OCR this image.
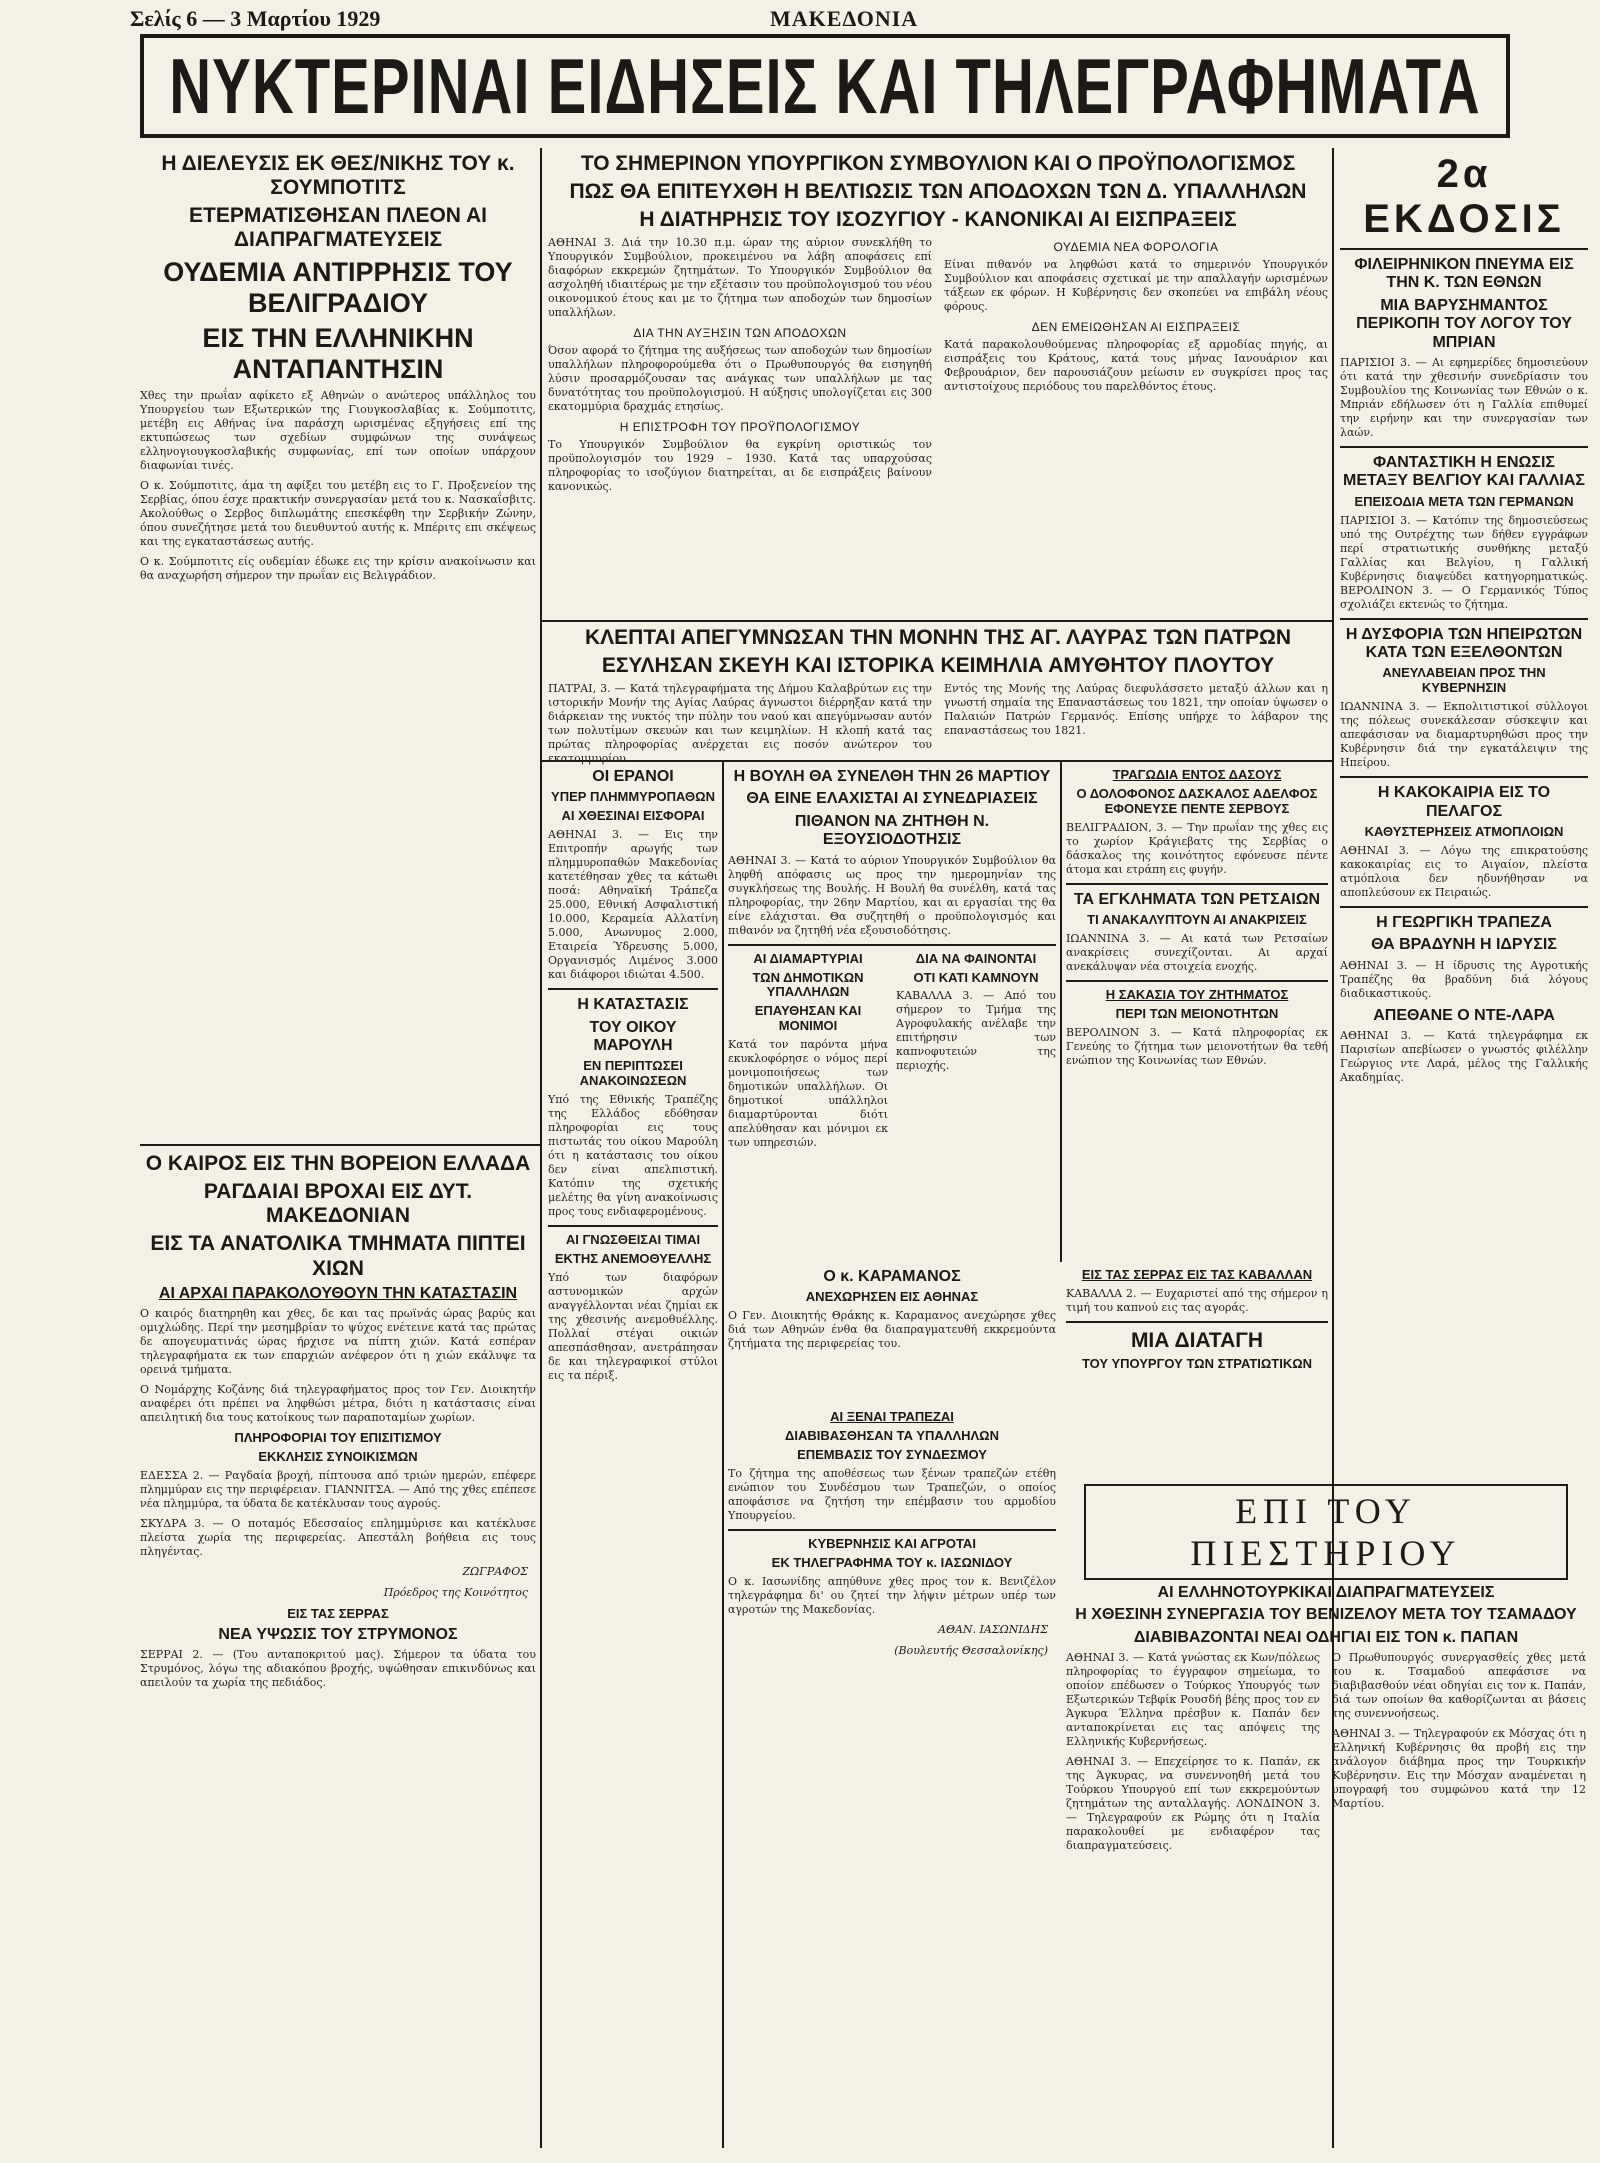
Σελίς 6 — 3 Μαρτίου 1929	ΜΑΚΕΔΟΝΙΑ
ΝΥΚΤΕΡΙΝΑΙ ΕΙΔΗΣΕΙΣ ΚΑΙ ΤΗΛΕΓΡΑΦΗΜΑΤΑ
Η ΔΙΕΛΕΥΣΙΣ ΕΚ ΘΕΣ/ΝΙΚΗΣ ΤΟΥ κ. ΣΟΥΜΠΟΤΙΤΣ
ΕΤΕΡΜΑΤΙΣΘΗΣΑΝ ΠΛΕΟΝ ΑΙ ΔΙΑΠΡΑΓΜΑΤΕΥΣΕΙΣ
ΟΥΔΕΜΙΑ ΑΝΤΙΡΡΗΣΙΣ ΤΟΥ ΒΕΛΙΓΡΑΔΙΟΥ
ΕΙΣ ΤΗΝ ΕΛΛΗΝΙΚΗΝ ΑΝΤΑΠΑΝΤΗΣΙΝ

Χθες την πρωΐαν αφίκετο εξ Αθηνών ο ανώτερος υπάλληλος του Υπουργείου των Εξωτερικών της Γιουγκοσλαβίας κ. Σούμποτιτς, μετέβη εις Αθήνας ίνα παράσχη ωρισμένας εξηγήσεις επί της εκτυπώσεως των σχεδίων συμφώνων της συνάψεως ελληνογιουγκοσλαβικής συμφωνίας, επί των οποίων υπάρχουν διαφωνίαι τινές.

Ο κ. Σούμποτιτς, άμα τη αφίξει του μετέβη εις το Γ. Προξενείον της Σερβίας, όπου έσχε πρακτικήν συνεργασίαν μετά του κ. Νασκαΐσβιτς. Ακολούθως ο Σερβος διπλωμάτης επεσκέφθη την Σερβικήν Ζώνην, όπου συνεζήτησε μετά του διευθυντού αυτής κ. Μπέριτς επι σκέψεως και της εγκαταστάσεως αυτής.

Ο κ. Σούμποτιτς είς ουδεμίαν έδωκε εις την κρίσιν ανακοίνωσιν και θα αναχωρήση σήμερον την πρωΐαν εις Βελιγράδιον.

Ο ΚΑΙΡΟΣ ΕΙΣ ΤΗΝ ΒΟΡΕΙΟΝ ΕΛΛΑΔΑ
ΡΑΓΔΑΙΑΙ ΒΡΟΧΑΙ ΕΙΣ ΔΥΤ. ΜΑΚΕΔΟΝΙΑΝ
ΕΙΣ ΤΑ ΑΝΑΤΟΛΙΚΑ ΤΜΗΜΑΤΑ ΠΙΠΤΕΙ ΧΙΩΝ
ΑΙ ΑΡΧΑΙ ΠΑΡΑΚΟΛΟΥΘΟΥΝ ΤΗΝ ΚΑΤΑΣΤΑΣΙΝ

Ο καιρός διατηρηθη και χθες, δε και τας πρωϊνάς ώρας βαρύς και ομιχλώδης. Περί την μεσημβρίαν το ψύχος ενέτεινε κατά τας πρώτας δε απογευματινάς ώρας ήρχισε να πίπτη χιών. Κατά εσπέραν τηλεγραφήματα εκ των επαρχιών ανέφερον ότι η χιών εκάλυψε τα ορεινά τμήματα.

Ο Νομάρχης Κοζάνης διά τηλεγραφήματος προς τον Γεν. Διοικητήν αναφέρει ότι πρέπει να ληφθώσι μέτρα, διότι η κατάστασις είναι απειλητική δια τους κατοίκους των παραποταμίων χωρίων.

ΠΛΗΡΟΦΟΡΙΑΙ ΤΟΥ ΕΠΙΣΙΤΙΣΜΟΥ
ΕΚΚΛΗΣΙΣ ΣΥΝΟΙΚΙΣΜΩΝ

ΕΔΕΣΣΑ 2. — Ραγδαία βροχή, πίπτουσα από τριών ημερών, επέφερε πλημμύραν εις την περιφέρειαν. ΓΙΑΝΝΙΤΣΑ. — Από της χθες επέπεσε νέα πλημμύρα, τα ύδατα δε κατέκλυσαν τους αγρούς.

ΣΚΥΔΡΑ 3. — Ο ποταμός Εδεσσαίος επλημμύρισε και κατέκλυσε πλείστα χωρία της περιφερείας. Απεστάλη βοήθεια εις τους πληγέντας.

ΖΩΓΡΑΦΟΣ
Πρόεδρος της Κοινότητος
ΕΙΣ ΤΑΣ ΣΕΡΡΑΣ
ΝΕΑ ΥΨΩΣΙΣ ΤΟΥ ΣΤΡΥΜΟΝΟΣ

ΣΕΡΡΑΙ 2. — (Του ανταποκριτού μας). Σήμερον τα ύδατα του Στρυμόνος, λόγω της αδιακόπου βροχής, υψώθησαν επικινδύνως και απειλούν τα χωρία της πεδιάδος.

ΤΟ ΣΗΜΕΡΙΝΟΝ ΥΠΟΥΡΓΙΚΟΝ ΣΥΜΒΟΥΛΙΟΝ ΚΑΙ Ο ΠΡΟΫΠΟΛΟΓΙΣΜΟΣ
ΠΩΣ ΘΑ ΕΠΙΤΕΥΧΘΗ Η ΒΕΛΤΙΩΣΙΣ ΤΩΝ ΑΠΟΔΟΧΩΝ ΤΩΝ Δ. ΥΠΑΛΛΗΛΩΝ
Η ΔΙΑΤΗΡΗΣΙΣ ΤΟΥ ΙΣΟΖΥΓΙΟΥ - ΚΑΝΟΝΙΚΑΙ ΑΙ ΕΙΣΠΡΑΞΕΙΣ

ΑΘΗΝΑΙ 3. Διά την 10.30 π.μ. ώραν της αύριον συνεκλήθη το Υπουργικόν Συμβούλιον, προκειμένου να λάβη αποφάσεις επί διαφόρων εκκρεμών ζητημάτων. Το Υπουργικόν Συμβούλιον θα ασχοληθή ιδιαιτέρως με την εξέτασιν του προϋπολογισμού του νέου οικονομικού έτους και με το ζήτημα των αποδοχών των δημοσίων υπαλλήλων.

ΔΙΑ ΤΗΝ ΑΥΞΗΣΙΝ ΤΩΝ ΑΠΟΔΟΧΩΝ

Όσον αφορά το ζήτημα της αυξήσεως των αποδοχών των δημοσίων υπαλλήλων πληροφορούμεθα ότι ο Πρωθυπουργός θα εισηγηθή λύσιν προσαρμόζουσαν τας ανάγκας των υπαλλήλων με τας δυνατότητας του προϋπολογισμού. Η αύξησις υπολογίζεται εις 300 εκατομμύρια δραχμάς ετησίως.

Η ΕΠΙΣΤΡΟΦΗ ΤΟΥ ΠΡΟΫΠΟΛΟΓΙΣΜΟΥ

Το Υπουργικόν Συμβούλιον θα εγκρίνη οριστικώς τον προϋπολογισμόν του 1929 – 1930. Κατά τας υπαρχούσας πληροφορίας το ισοζύγιον διατηρείται, αι δε εισπράξεις βαίνουν κανονικώς.

ΟΥΔΕΜΙΑ ΝΕΑ ΦΟΡΟΛΟΓΙΑ

Είναι πιθανόν να ληφθώσι κατά το σημερινόν Υπουργικόν Συμβούλιον και αποφάσεις σχετικαί με την απαλλαγήν ωρισμένων τάξεων εκ φόρων. Η Κυβέρνησις δεν σκοπεύει να επιβάλη νέους φόρους.

ΔΕΝ ΕΜΕΙΩΘΗΣΑΝ ΑΙ ΕΙΣΠΡΑΞΕΙΣ

Κατά παρακολουθούμενας πληροφορίας εξ αρμοδίας πηγής, αι εισπράξεις του Κράτους, κατά τους μήνας Ιανουάριον και Φεβρουάριον, δεν παρουσιάζουν μείωσιν εν συγκρίσει προς τας αντιστοίχους περιόδους του παρελθόντος έτους.

ΚΛΕΠΤΑΙ ΑΠΕΓΥΜΝΩΣΑΝ ΤΗΝ ΜΟΝΗΝ ΤΗΣ ΑΓ. ΛΑΥΡΑΣ ΤΩΝ ΠΑΤΡΩΝ
ΕΣΥΛΗΣΑΝ ΣΚΕΥΗ ΚΑΙ ΙΣΤΟΡΙΚΑ ΚΕΙΜΗΛΙΑ ΑΜΥΘΗΤΟΥ ΠΛΟΥΤΟΥ

ΠΑΤΡΑΙ, 3. — Κατά τηλεγραφήματα της Δήμου Καλαβρύτων εις την ιστορικήν Μονήν της Αγίας Λαύρας άγνωστοι διέρρηξαν κατά την διάρκειαν της νυκτός την πύλην του ναού και απεγύμνωσαν αυτόν των πολυτίμων σκευών και των κειμηλίων. Η κλοπή κατά τας πρώτας πληροφορίας ανέρχεται εις ποσόν ανώτερον του εκατομμυρίου.

Εντός της Μονής της Λαύρας διεφυλάσσετο μεταξύ άλλων και η γνωστή σημαία της Επαναστάσεως του 1821, την οποίαν ύψωσεν ο Παλαιών Πατρών Γερμανός. Επίσης υπήρχε το λάβαρον της επαναστάσεως του 1821.

ΟΙ ΕΡΑΝΟΙ
ΥΠΕΡ ΠΛΗΜΜΥΡΟΠΑΘΩΝ
ΑΙ ΧΘΕΣΙΝΑΙ ΕΙΣΦΟΡΑΙ

ΑΘΗΝΑΙ 3. — Εις την Επιτροπήν αρωγής των πλημμυροπαθών Μακεδονίας κατετέθησαν χθες τα κάτωθι ποσά: Αθηναϊκή Τράπεζα 25.000, Εθνική Ασφαλιστική 10.000, Κεραμεία Αλλατίνη 5.000, Ανωνυμος 2.000, Εταιρεία Ύδρευσης 5.000, Οργανισμός Λιμένος 3.000 και διάφοροι ιδιώται 4.500.

Η ΚΑΤΑΣΤΑΣΙΣ
ΤΟΥ ΟΙΚΟΥ ΜΑΡΟΥΛΗ
ΕΝ ΠΕΡΙΠΤΩΣΕΙ ΑΝΑΚΟΙΝΩΣΕΩΝ

Υπό της Εθνικής Τραπέζης της Ελλάδος εδόθησαν πληροφορίαι εις τους πιστωτάς του οίκου Μαρούλη ότι η κατάστασις του οίκου δεν είναι απελπιστική. Κατόπιν της σχετικής μελέτης θα γίνη ανακοίνωσις προς τους ενδιαφερομένους.

ΑΙ ΓΝΩΣΘΕΙΣΑΙ ΤΙΜΑΙ
ΕΚΤΗΣ ΑΝΕΜΟΘΥΕΛΛΗΣ

Υπό των διαφόρων αστυνομικών αρχών αναγγέλλονται νέαι ζημίαι εκ της χθεσινής ανεμοθυέλλης. Πολλαί στέγαι οικιών απεσπάσθησαν, ανετράπησαν δε και τηλεγραφικοί στύλοι εις τα πέριξ.

Η ΒΟΥΛΗ ΘΑ ΣΥΝΕΛΘΗ ΤΗΝ 26 ΜΑΡΤΙΟΥ
ΘΑ ΕΙΝΕ ΕΛΑΧΙΣΤΑΙ ΑΙ ΣΥΝΕΔΡΙΑΣΕΙΣ
ΠΙΘΑΝΟΝ ΝΑ ΖΗΤΗΘΗ Ν. ΕΞΟΥΣΙΟΔΟΤΗΣΙΣ

ΑΘΗΝΑΙ 3. — Κατά το αύριον Υπουργικόν Συμβούλιον θα ληφθή απόφασις ως προς την ημερομηνίαν της συγκλήσεως της Βουλής. Η Βουλή θα συνέλθη, κατά τας πληροφορίας, την 26ην Μαρτίου, και αι εργασίαι της θα είνε ελάχισται. Θα συζητηθή ο προϋπολογισμός και πιθανόν να ζητηθή νέα εξουσιοδότησις.

ΑΙ ΔΙΑΜΑΡΤΥΡΙΑΙ
ΤΩΝ ΔΗΜΟΤΙΚΩΝ ΥΠΑΛΛΗΛΩΝ
ΕΠΑΥΘΗΣΑΝ ΚΑΙ ΜΟΝΙΜΟΙ

Κατά τον παρόντα μήνα εκυκλοφόρησε ο νόμος περί μονιμοποιήσεως των δημοτικών υπαλλήλων. Οι δημοτικοί υπάλληλοι διαμαρτύρονται διότι απελύθησαν και μόνιμοι εκ των υπηρεσιών.

ΔΙΑ ΝΑ ΦΑΙΝΟΝΤΑΙ
ΟΤΙ ΚΑΤΙ ΚΑΜΝΟΥΝ

ΚΑΒΑΛΛΑ 3. — Από του σήμερον το Τμήμα της Αγροφυλακής ανέλαβε την επιτήρησιν των καπνοφυτειών της περιοχής.

Ο κ. ΚΑΡΑΜΑΝΟΣ
ΑΝΕΧΩΡΗΣΕΝ ΕΙΣ ΑΘΗΝΑΣ

Ο Γεν. Διοικητής Θράκης κ. Καραμανος ανεχώρησε χθες διά των Αθηνών ένθα θα διαπραγματευθή εκκρεμούντα ζητήματα της περιφερείας του.

ΑΙ ΞΕΝΑΙ ΤΡΑΠΕΖΑΙ
ΔΙΑΒΙΒΑΣΘΗΣΑΝ ΤΑ ΥΠΑΛΛΗΛΩΝ
ΕΠΕΜΒΑΣΙΣ ΤΟΥ ΣΥΝΔΕΣΜΟΥ

Το ζήτημα της αποθέσεως των ξένων τραπεζών ετέθη ενώπιον του Συνδέσμου των Τραπεζών, ο οποίος αποφάσισε να ζητήση την επέμβασιν του αρμοδίου Υπουργείου.

ΚΥΒΕΡΝΗΣΙΣ ΚΑΙ ΑΓΡΟΤΑΙ
ΕΚ ΤΗΛΕΓΡΑΦΗΜΑ ΤΟΥ κ. ΙΑΣΩΝΙΔΟΥ

Ο κ. Ιασωνίδης απηύθυνε χθες προς τον κ. Βενιζέλον τηλεγράφημα δι' ου ζητεί την λήψιν μέτρων υπέρ των αγροτών της Μακεδονίας.

ΑΘΑΝ. ΙΑΣΩΝΙΔΗΣ
(Βουλευτής Θεσσαλονίκης)
ΤΡΑΓΩΔΙΑ ΕΝΤΟΣ ΔΑΣΟΥΣ
Ο ΔΟΛΟΦΟΝΟΣ ΔΑΣΚΑΛΟΣ ΑΔΕΛΦΟΣ ΕΦΟΝΕΥΣΕ ΠΕΝΤΕ ΣΕΡΒΟΥΣ

ΒΕΛΙΓΡΑΔΙΟΝ, 3. — Την πρωΐαν της χθες εις το χωρίον Κράγιεβατς της Σερβίας ο δάσκαλος της κοινότητος εφόνευσε πέντε άτομα και ετράπη εις φυγήν.

ΤΑ ΕΓΚΛΗΜΑΤΑ ΤΩΝ ΡΕΤΣΑΙΩΝ
ΤΙ ΑΝΑΚΑΛΥΠΤΟΥΝ ΑΙ ΑΝΑΚΡΙΣΕΙΣ

ΙΩΑΝΝΙΝΑ 3. — Αι κατά των Ρετσαίων ανακρίσεις συνεχίζονται. Αι αρχαί ανεκάλυψαν νέα στοιχεία ενοχής.

Η ΣΑΚΑΣΙΑ ΤΟΥ ΖΗΤΗΜΑΤΟΣ
ΠΕΡΙ ΤΩΝ ΜΕΙΟΝΟΤΗΤΩΝ

ΒΕΡΟΛΙΝΟΝ 3. — Κατά πληροφορίας εκ Γενεύης το ζήτημα των μειονοτήτων θα τεθή ενώπιον της Κοινωνίας των Εθνών.

ΕΙΣ ΤΑΣ ΣΕΡΡΑΣ ΕΙΣ ΤΑΣ ΚΑΒΑΛΛΑΝ

ΚΑΒΑΛΛΑ 2. — Ευχαριστεί από της σήμερον η τιμή του καπνού εις τας αγοράς.

ΜΙΑ ΔΙΑΤΑΓΗ
ΤΟΥ ΥΠΟΥΡΓΟΥ ΤΩΝ ΣΤΡΑΤΙΩΤΙΚΩΝ
ΕΠΙ ΤΟΥ ΠΙΕΣΤΗΡΙΟΥ
ΑΙ ΕΛΛΗΝΟΤΟΥΡΚΙΚΑΙ ΔΙΑΠΡΑΓΜΑΤΕΥΣΕΙΣ
Η ΧΘΕΣΙΝΗ ΣΥΝΕΡΓΑΣΙΑ ΤΟΥ ΒΕΝΙΖΕΛΟΥ ΜΕΤΑ ΤΟΥ ΤΣΑΜΑΔΟΥ
ΔΙΑΒΙΒΑΖΟΝΤΑΙ ΝΕΑΙ ΟΔΗΓΙΑΙ ΕΙΣ ΤΟΝ κ. ΠΑΠΑΝ

ΑΘΗΝΑΙ 3. — Κατά γνώστας εκ Κων/πόλεως πληροφορίας το έγγραφον σημείωμα, το οποίον επέδωσεν ο Τούρκος Υπουργός των Εξωτερικών Τεβφίκ Ρουσδή βέης προς τον εν Άγκυρα Έλληνα πρέσβυν κ. Παπάν δεν ανταποκρίνεται εις τας απόψεις της Ελληνικής Κυβερνήσεως.

ΑΘΗΝΑΙ 3. — Επεχείρησε το κ. Παπάν, εκ της Άγκυρας, να συνεννοηθή μετά του Τούρκου Υπουργού επί των εκκρεμούντων ζητημάτων της ανταλλαγής. ΛΟΝΔΙΝΟΝ 3. — Τηλεγραφούν εκ Ρώμης ότι η Ιταλία παρακολουθεί με ενδιαφέρον τας διαπραγματεύσεις.

Ο Πρωθυπουργός συνεργασθείς χθες μετά του κ. Τσαμαδού απεφάσισε να διαβιβασθούν νέαι οδηγίαι εις τον κ. Παπάν, διά των οποίων θα καθορίζωνται αι βάσεις της συνεννοήσεως.

ΑΘΗΝΑΙ 3. — Τηλεγραφούν εκ Μόσχας ότι η Ελληνική Κυβέρνησις θα προβή εις την ανάλογον διάβημα προς την Τουρκικήν Κυβέρνησιν. Εις την Μόσχαν αναμένεται η υπογραφή του συμφώνου κατά την 12 Μαρτίου.

2α ΕΚΔΟΣΙΣ
ΦΙΛΕΙΡΗΝΙΚΟΝ ΠΝΕΥΜΑ ΕΙΣ ΤΗΝ Κ. ΤΩΝ ΕΘΝΩΝ
ΜΙΑ ΒΑΡΥΣΗΜΑΝΤΟΣ ΠΕΡΙΚΟΠΗ ΤΟΥ ΛΟΓΟΥ ΤΟΥ ΜΠΡΙΑΝ

ΠΑΡΙΣΙΟΙ 3. — Αι εφημερίδες δημοσιεύουν ότι κατά την χθεσινήν συνεδρίασιν του Συμβουλίου της Κοινωνίας των Εθνών ο κ. Μπριάν εδήλωσεν ότι η Γαλλία επιθυμεί την ειρήνην και την συνεργασίαν των λαών.

ΦΑΝΤΑΣΤΙΚΗ Η ΕΝΩΣΙΣ ΜΕΤΑΞΥ ΒΕΛΓΙΟΥ ΚΑΙ ΓΑΛΛΙΑΣ
ΕΠΕΙΣΟΔΙΑ ΜΕΤΑ ΤΩΝ ΓΕΡΜΑΝΩΝ

ΠΑΡΙΣΙΟΙ 3. — Κατόπιν της δημοσιεύσεως υπό της Ουτρέχτης των δήθεν εγγράφων περί στρατιωτικής συνθήκης μεταξύ Γαλλίας και Βελγίου, η Γαλλική Κυβέρνησις διαψεύδει κατηγορηματικώς. ΒΕΡΟΛΙΝΟΝ 3. — Ο Γερμανικός Τύπος σχολιάζει εκτενώς το ζήτημα.

Η ΔΥΣΦΟΡΙΑ ΤΩΝ ΗΠΕΙΡΩΤΩΝ ΚΑΤΑ ΤΩΝ ΕΞΕΛΘΟΝΤΩΝ
ΑΝΕΥΛΑΒΕΙΑΝ ΠΡΟΣ ΤΗΝ ΚΥΒΕΡΝΗΣΙΝ

ΙΩΑΝΝΙΝΑ 3. — Εκπολιτιστικοί σύλλογοι της πόλεως συνεκάλεσαν σύσκεψιν και απεφάσισαν να διαμαρτυρηθώσι προς την Κυβέρνησιν διά την εγκατάλειψιν της Ηπείρου.

Η ΚΑΚΟΚΑΙΡΙΑ ΕΙΣ ΤΟ ΠΕΛΑΓΟΣ
ΚΑΘΥΣΤΕΡΗΣΕΙΣ ΑΤΜΟΠΛΟΙΩΝ

ΑΘΗΝΑΙ 3. — Λόγω της επικρατούσης κακοκαιρίας εις το Αιγαίον, πλείστα ατμόπλοια δεν ηδυνήθησαν να αποπλεύσουν εκ Πειραιώς.

Η ΓΕΩΡΓΙΚΗ ΤΡΑΠΕΖΑ
ΘΑ ΒΡΑΔΥΝΗ Η ΙΔΡΥΣΙΣ

ΑΘΗΝΑΙ 3. — Η ίδρυσις της Αγροτικής Τραπέζης θα βραδύνη διά λόγους διαδικαστικούς.

ΑΠΕΘΑΝΕ Ο ΝΤΕ-ΛΑΡΑ

ΑΘΗΝΑΙ 3. — Κατά τηλεγράφημα εκ Παρισίων απεβίωσεν ο γνωστός φιλέλλην Γεώργιος ντε Λαρά, μέλος της Γαλλικής Ακαδημίας.
